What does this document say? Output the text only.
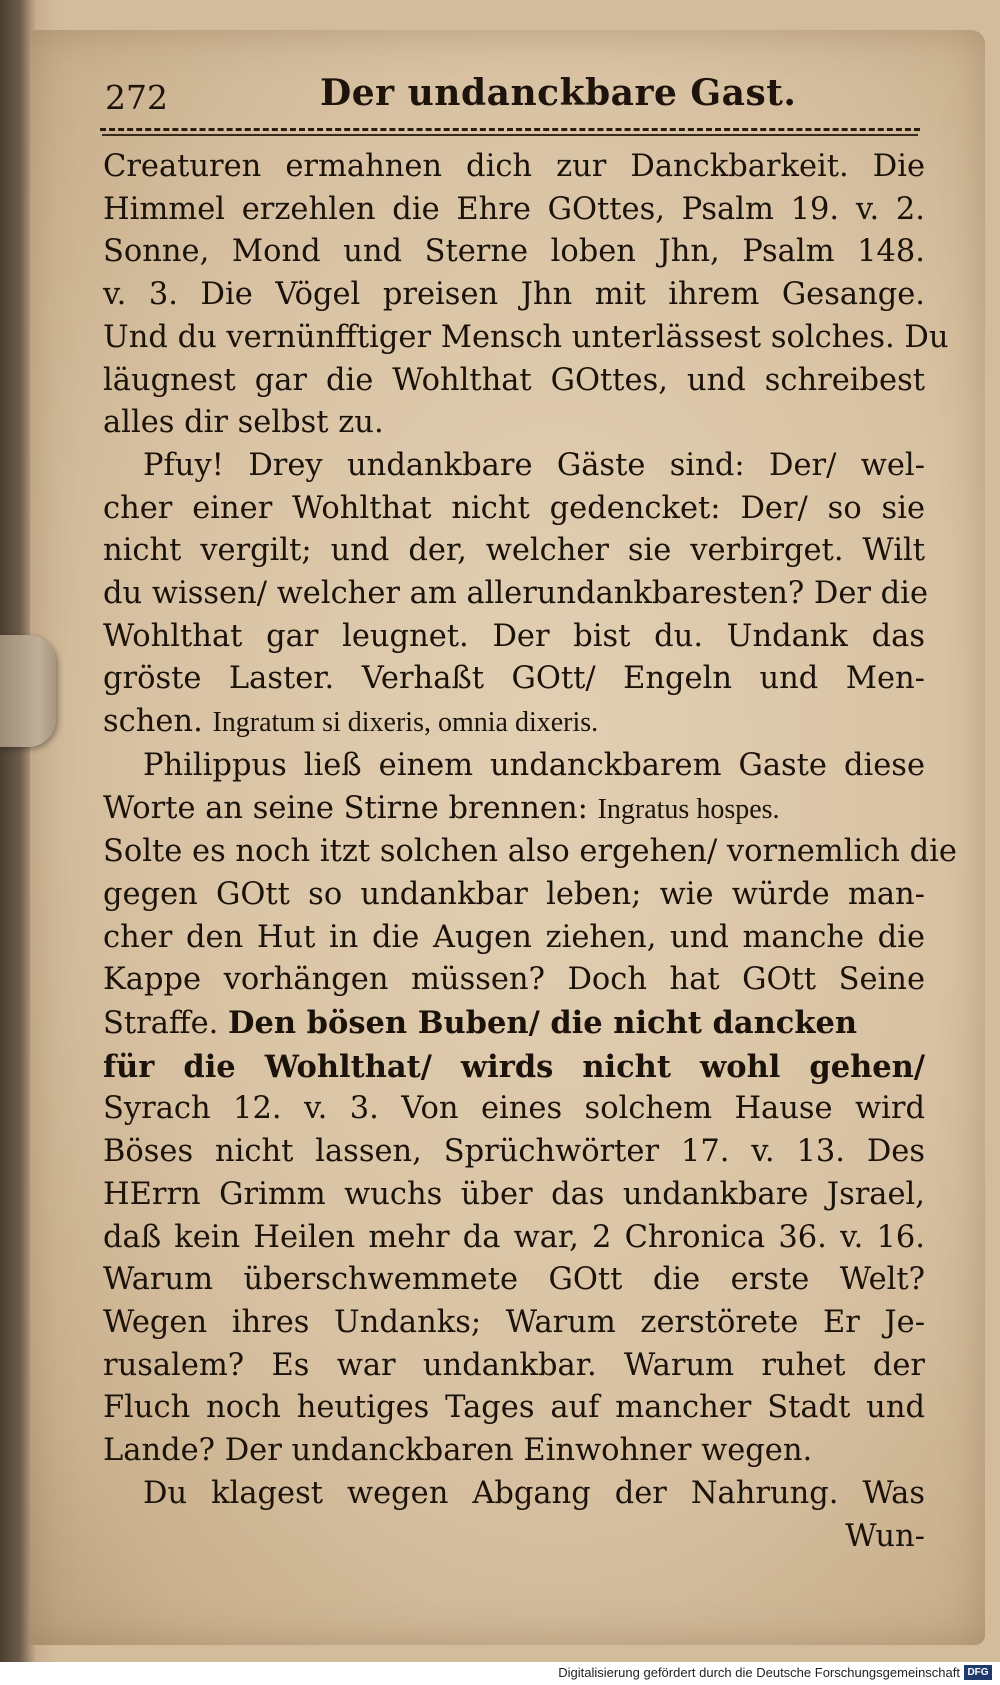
272	Der undanckbare Gast.
Creaturen ermahnen dich zur Danckbarkeit. Die
Himmel erzehlen die Ehre GOttes, Psalm 19. v. 2.
Sonne, Mond und Sterne loben Jhn, Psalm 148.
v. 3. Die Vögel preisen Jhn mit ihrem Gesange.
Und du vernünfftiger Mensch unterlässest solches. Du
läugnest gar die Wohlthat GOttes, und schreibest
alles dir selbst zu.
Pfuy! Drey undankbare Gäste sind: Der/ wel-
cher einer Wohlthat nicht gedencket: Der/ so sie
nicht vergilt; und der, welcher sie verbirget. Wilt
du wissen/ welcher am allerundankbaresten? Der die
Wohlthat gar leugnet. Der bist du. Undank das
gröste Laster. Verhaßt GOtt/ Engeln und Men-
schen. Ingratum si dixeris, omnia dixeris.
Philippus ließ einem undanckbarem Gaste diese
Worte an seine Stirne brennen: Ingratus hospes.
Solte es noch itzt solchen also ergehen/ vornemlich die
gegen GOtt so undankbar leben; wie würde man-
cher den Hut in die Augen ziehen, und manche die
Kappe vorhängen müssen? Doch hat GOtt Seine
Straffe. Den bösen Buben/ die nicht dancken
für die Wohlthat/ wirds nicht wohl gehen/
Syrach 12. v. 3. Von eines solchem Hause wird
Böses nicht lassen, Sprüchwörter 17. v. 13. Des
HErrn Grimm wuchs über das undankbare Jsrael,
daß kein Heilen mehr da war, 2 Chronica 36. v. 16.
Warum überschwemmete GOtt die erste Welt?
Wegen ihres Undanks; Warum zerstörete Er Je-
rusalem? Es war undankbar. Warum ruhet der
Fluch noch heutiges Tages auf mancher Stadt und
Lande? Der undanckbaren Einwohner wegen.
Du klagest wegen Abgang der Nahrung. Was
Wun-
Digitalisierung gefördert durch die Deutsche Forschungsgemeinschaft DFG
